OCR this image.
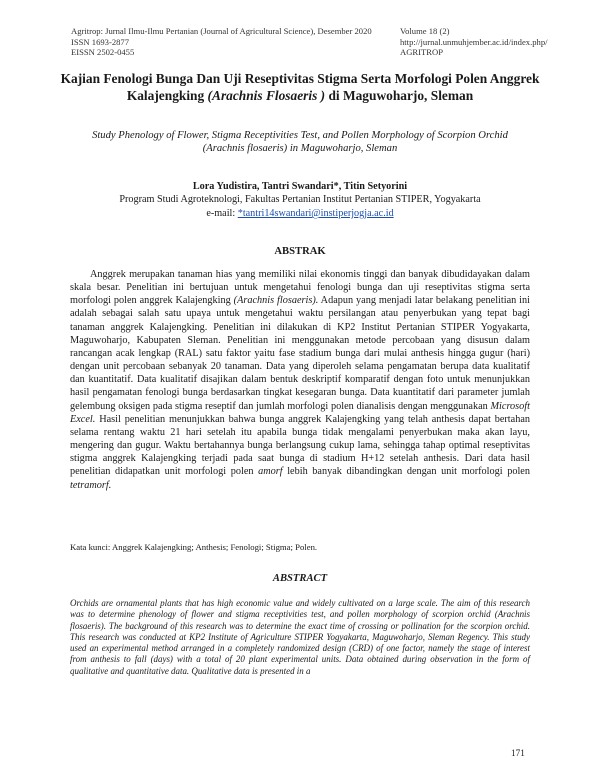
Agritrop: Jurnal Ilmu-Ilmu Pertanian (Journal of Agricultural Science), Desember 2020
ISSN 1693-2877
EISSN 2502-0455
Volume 18 (2)
http://jurnal.unmuhjember.ac.id/index.php/AGRITROP
Kajian Fenologi Bunga Dan Uji Reseptivitas Stigma Serta Morfologi Polen Anggrek Kalajengking (Arachnis Flosaeris ) di Maguwoharjo, Sleman
Study Phenology of Flower, Stigma Receptivities Test, and Pollen Morphology of Scorpion Orchid (Arachnis flosaeris) in Maguwoharjo, Sleman
Lora Yudistira, Tantri Swandari*, Titin Setyorini
Program Studi Agroteknologi, Fakultas Pertanian Institut Pertanian STIPER, Yogyakarta
e-mail: *tantri14swandari@instiperjogja.ac.id
ABSTRAK

Anggrek merupakan tanaman hias yang memiliki nilai ekonomis tinggi dan banyak dibudidayakan dalam skala besar. Penelitian ini bertujuan untuk mengetahui fenologi bunga dan uji reseptivitas stigma serta morfologi polen anggrek Kalajengking (Arachnis flosaeris). Adapun yang menjadi latar belakang penelitian ini adalah sebagai salah satu upaya untuk mengetahui waktu persilangan atau penyerbukan yang tepat bagi tanaman anggrek Kalajengking. Penelitian ini dilakukan di KP2 Institut Pertanian STIPER Yogyakarta, Maguwoharjo, Kabupaten Sleman. Penelitian ini menggunakan metode percobaan yang disusun dalam rancangan acak lengkap (RAL) satu faktor yaitu fase stadium bunga dari mulai anthesis hingga gugur (hari) dengan unit percobaan sebanyak 20 tanaman. Data yang diperoleh selama pengamatan berupa data kualitatif dan kuantitatif. Data kualitatif disajikan dalam bentuk deskriptif komparatif dengan foto untuk menunjukkan hasil pengamatan fenologi bunga berdasarkan tingkat kesegaran bunga. Data kuantitatif dari parameter jumlah gelembung oksigen pada stigma reseptif dan jumlah morfologi polen dianalisis dengan menggunakan Microsoft Excel. Hasil penelitian menunjukkan bahwa bunga anggrek Kalajengking yang telah anthesis dapat bertahan selama rentang waktu 21 hari setelah itu apabila bunga tidak mengalami penyerbukan maka akan layu, mengering dan gugur. Waktu bertahannya bunga berlangsung cukup lama, sehingga tahap optimal reseptivitas stigma anggrek Kalajengking terjadi pada saat bunga di stadium H+12 setelah anthesis. Dari data hasil penelitian didapatkan unit morfologi polen amorf lebih banyak dibandingkan dengan unit morfologi polen tetramorf.

Kata kunci: Anggrek Kalajengking; Anthesis; Fenologi; Stigma; Polen.
ABSTRACT

Orchids are ornamental plants that has high economic value and widely cultivated on a large scale. The aim of this research was to determine phenology of flower and stigma receptivities test, and pollen morphology of scorpion orchid (Arachnis flosaeris). The background of this research was to determine the exact time of crossing or pollination for the scorpion orchid. This research was conducted at KP2 Institute of Agriculture STIPER Yogyakarta, Maguwoharjo, Sleman Regency. This study used an experimental method arranged in a completely randomized design (CRD) of one factor, namely the stage of interest from anthesis to fall (days) with a total of 20 plant experimental units. Data obtained during observation in the form of qualitative and quantitative data. Qualitative data is presented in a

171
